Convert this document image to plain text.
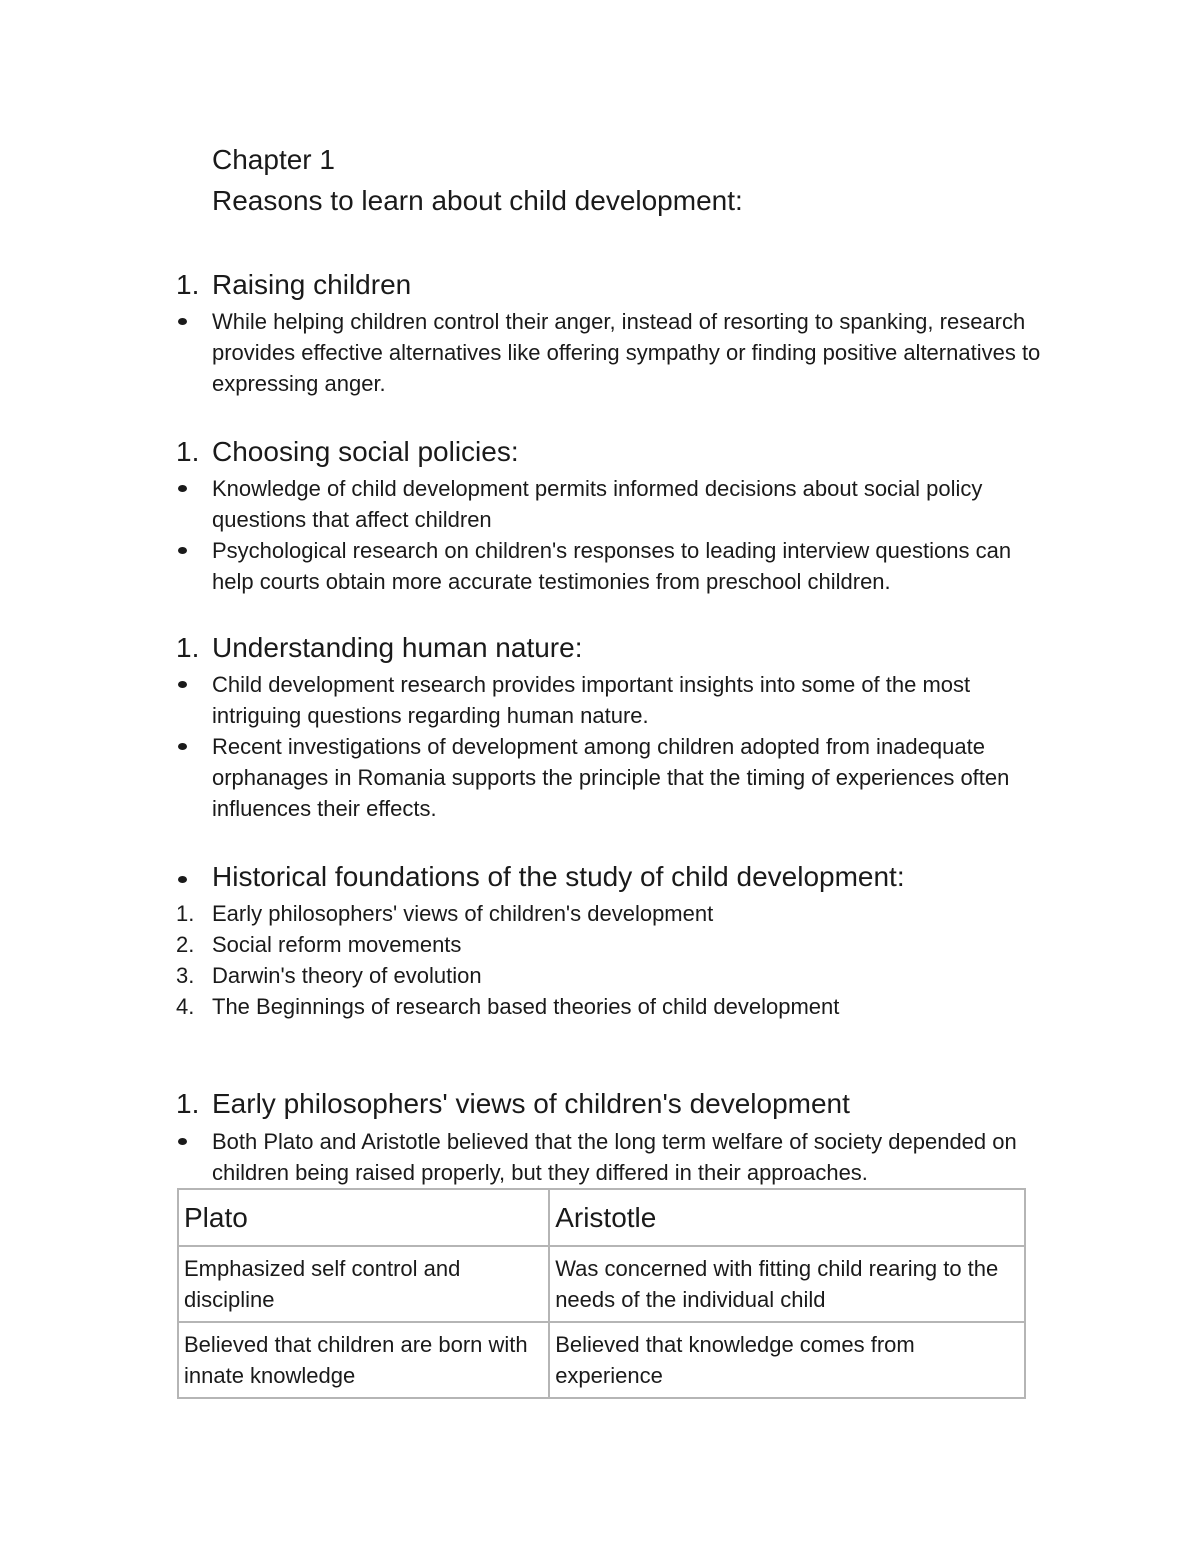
Chapter 1
Reasons to learn about child development:
1. Raising children
While helping children control their anger, instead of resorting to spanking, research provides effective alternatives like offering sympathy or finding positive alternatives to expressing anger.
1. Choosing social policies:
Knowledge of child development permits informed decisions about social policy questions that affect children
Psychological research on children's responses to leading interview questions can help courts obtain more accurate testimonies from preschool children.
1. Understanding human nature:
Child development research provides important insights into some of the most intriguing questions regarding human nature.
Recent investigations of development among children adopted from inadequate orphanages in Romania supports the principle that the timing of experiences often influences their effects.
Historical foundations of the study of child development:
1. Early philosophers' views of children's development
2. Social reform movements
3. Darwin's theory of evolution
4. The Beginnings of research based theories of child development
1. Early philosophers' views of children's development
Both Plato and Aristotle believed that the long term welfare of society depended on children being raised properly, but they differed in their approaches.
Plato	Aristotle
Emphasized self control and discipline	Was concerned with fitting child rearing to the needs of the individual child
Believed that children are born with innate knowledge	Believed that knowledge comes from experience
